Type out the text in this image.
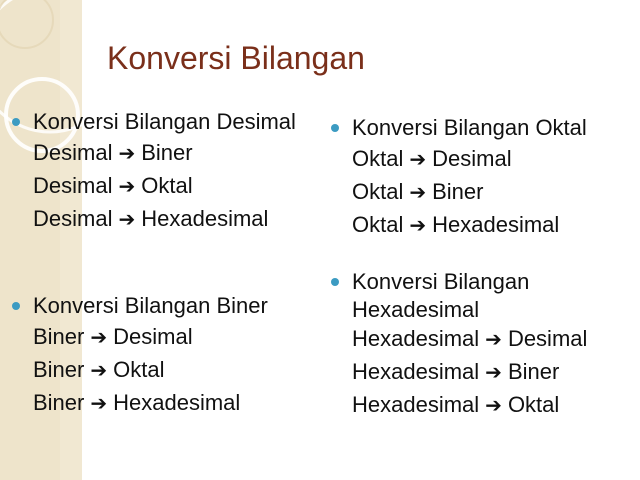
Konversi Bilangan
Konversi Bilangan Desimal
Desimal ➔ Biner
Desimal ➔ Oktal
Desimal ➔ Hexadesimal
Konversi Bilangan Biner
Biner ➔ Desimal
Biner ➔ Oktal
Biner ➔ Hexadesimal
Konversi Bilangan Oktal
Oktal ➔ Desimal
Oktal ➔ Biner
Oktal ➔ Hexadesimal
Konversi Bilangan
Hexadesimal
Hexadesimal ➔ Desimal
Hexadesimal ➔ Biner
Hexadesimal ➔ Oktal
